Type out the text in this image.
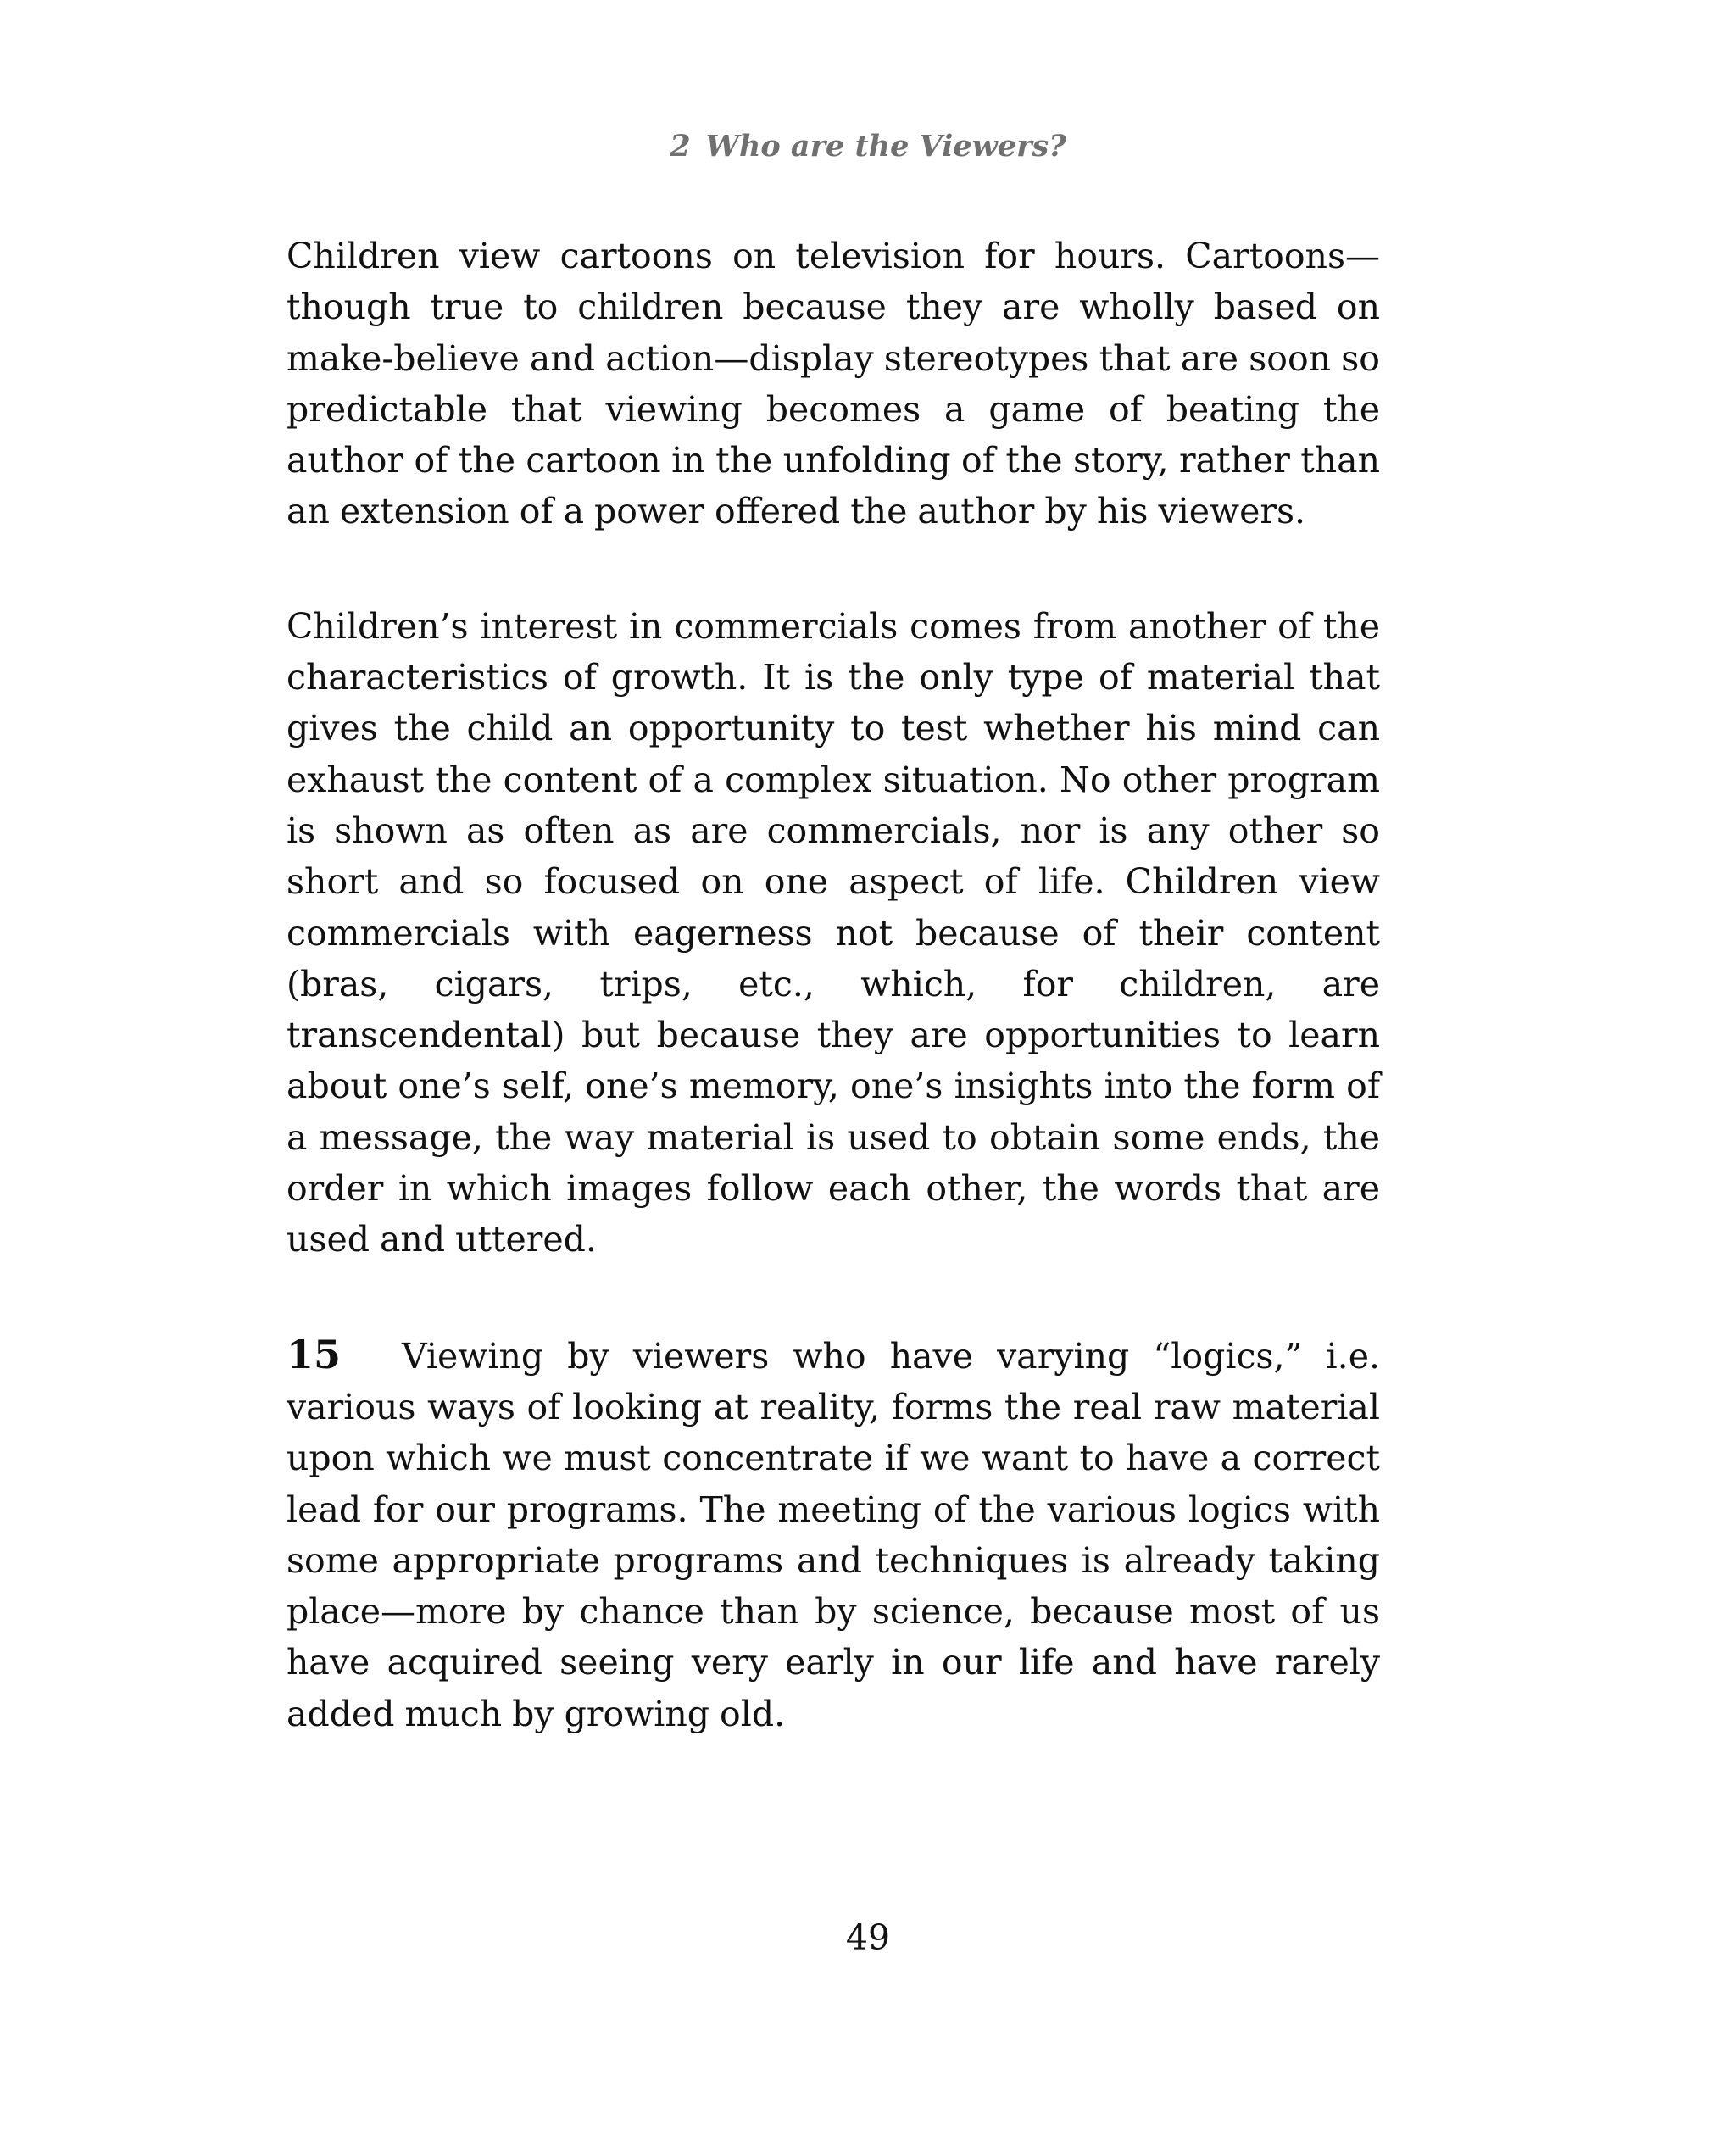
2 Who are the Viewers?

Children view cartoons on television for hours. Cartoons—though true to children because they are wholly based on make-believe and action—display stereotypes that are soon so predictable that viewing becomes a game of beating the author of the cartoon in the unfolding of the story, rather than an extension of a power offered the author by his viewers.

Children’s interest in commercials comes from another of the characteristics of growth. It is the only type of material that gives the child an opportunity to test whether his mind can exhaust the content of a complex situation. No other program is shown as often as are commercials, nor is any other so short and so focused on one aspect of life. Children view commercials with eagerness not because of their content (bras, cigars, trips, etc., which, for children, are transcendental) but because they are opportunities to learn about one’s self, one’s memory, one’s insights into the form of a message, the way material is used to obtain some ends, the order in which images follow each other, the words that are used and uttered.

15 Viewing by viewers who have varying “logics,” i.e. various ways of looking at reality, forms the real raw material upon which we must concentrate if we want to have a correct lead for our programs. The meeting of the various logics with some appropriate programs and techniques is already taking place—more by chance than by science, because most of us have acquired seeing very early in our life and have rarely added much by growing old.

49
